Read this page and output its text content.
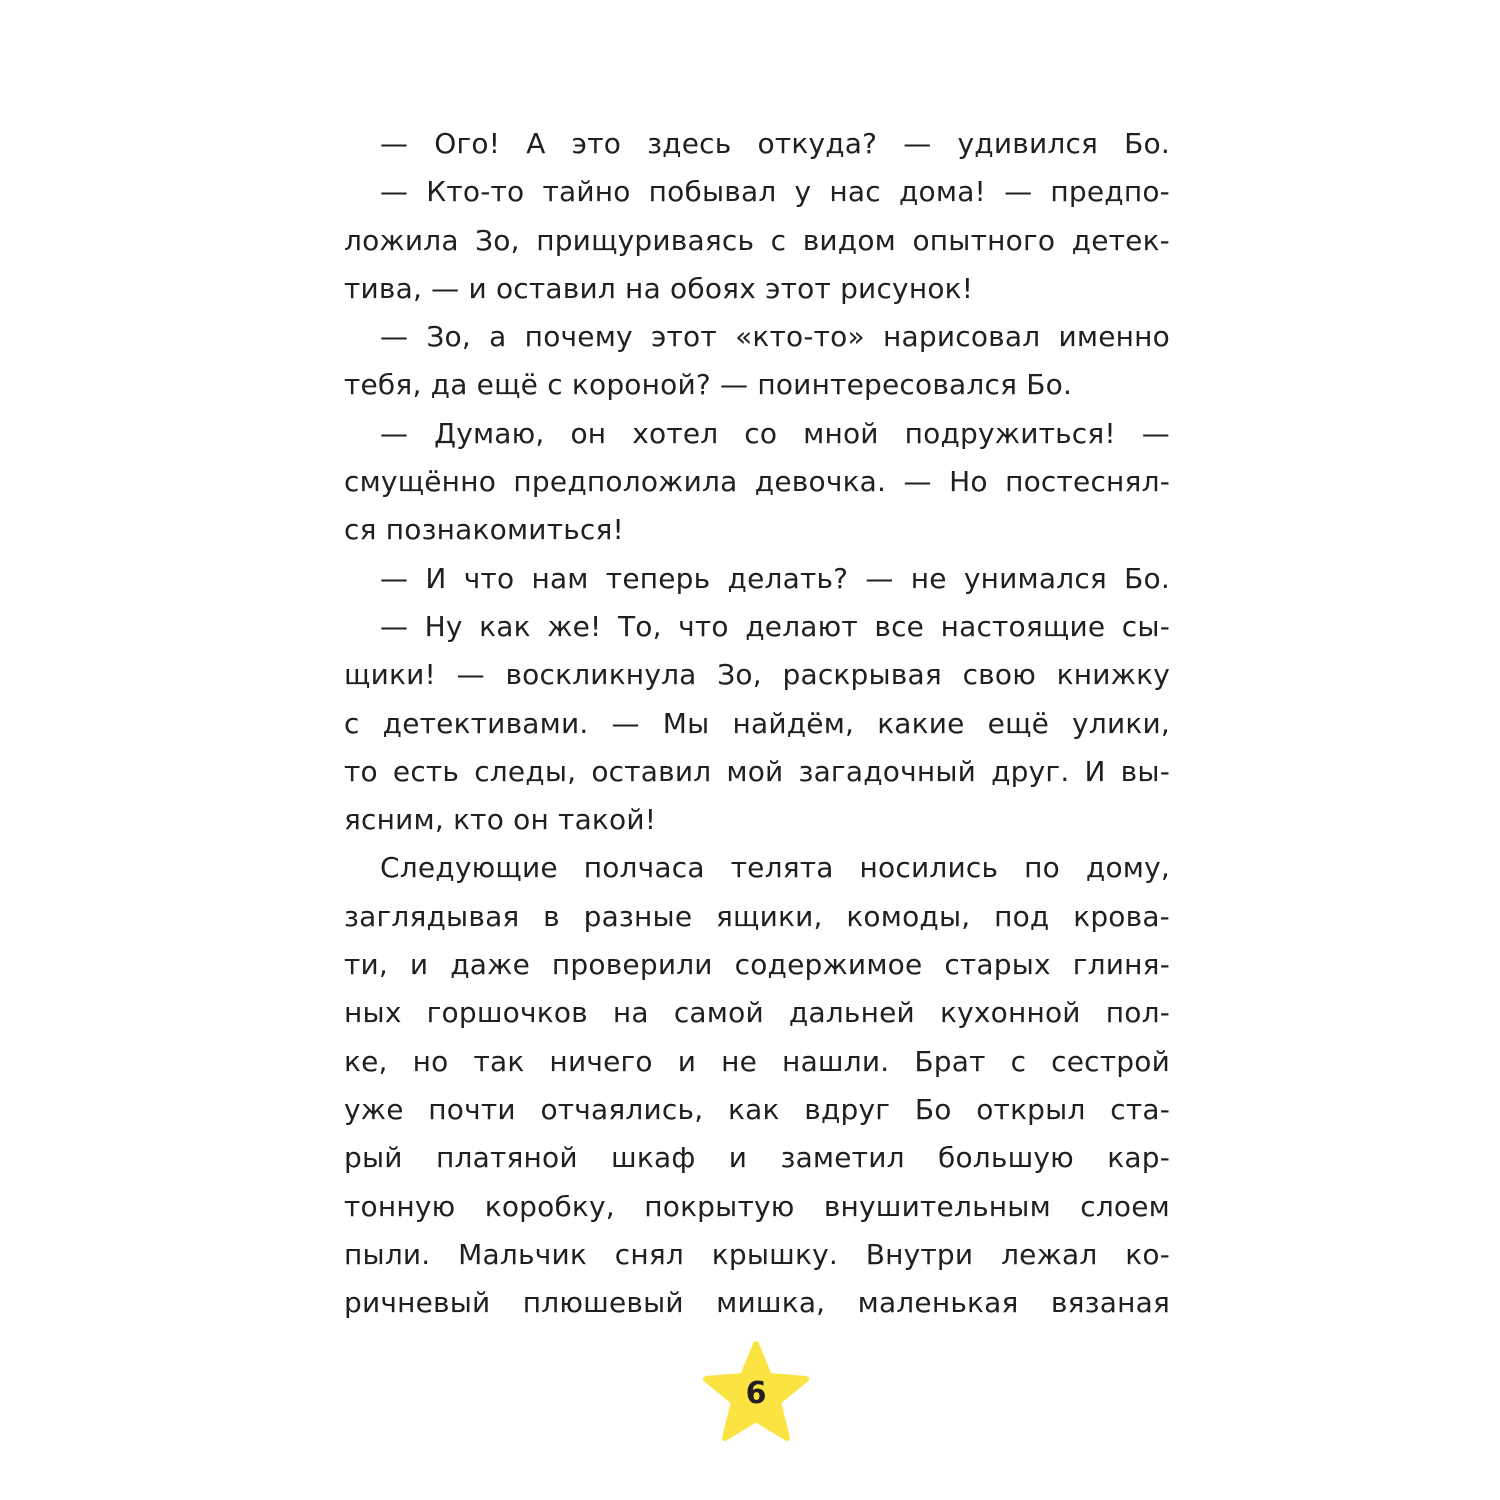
— Ого! А это здесь откуда? — удивился Бо.
— Кто-то тайно побывал у нас дома! — предпо-
ложила Зо, прищуриваясь с видом опытного детек-
тива, — и оставил на обоях этот рисунок!
— Зо, а почему этот «кто-то» нарисовал именно
тебя, да ещё с короной? — поинтересовался Бо.
— Думаю, он хотел со мной подружиться! —
смущённо предположила девочка. — Но постеснял-
ся познакомиться!
— И что нам теперь делать? — не унимался Бо.
— Ну как же! То, что делают все настоящие сы-
щики! — воскликнула Зо, раскрывая свою книжку
с детективами. — Мы найдём, какие ещё улики,
то есть следы, оставил мой загадочный друг. И вы-
ясним, кто он такой!
Следующие полчаса телята носились по дому,
заглядывая в разные ящики, комоды, под крова-
ти, и даже проверили содержимое старых глиня-
ных горшочков на самой дальней кухонной пол-
ке, но так ничего и не нашли. Брат с сестрой
уже почти отчаялись, как вдруг Бо открыл ста-
рый платяной шкаф и заметил большую кар-
тонную коробку, покрытую внушительным слоем
пыли. Мальчик снял крышку. Внутри лежал ко-
ричневый плюшевый мишка, маленькая вязаная
6
